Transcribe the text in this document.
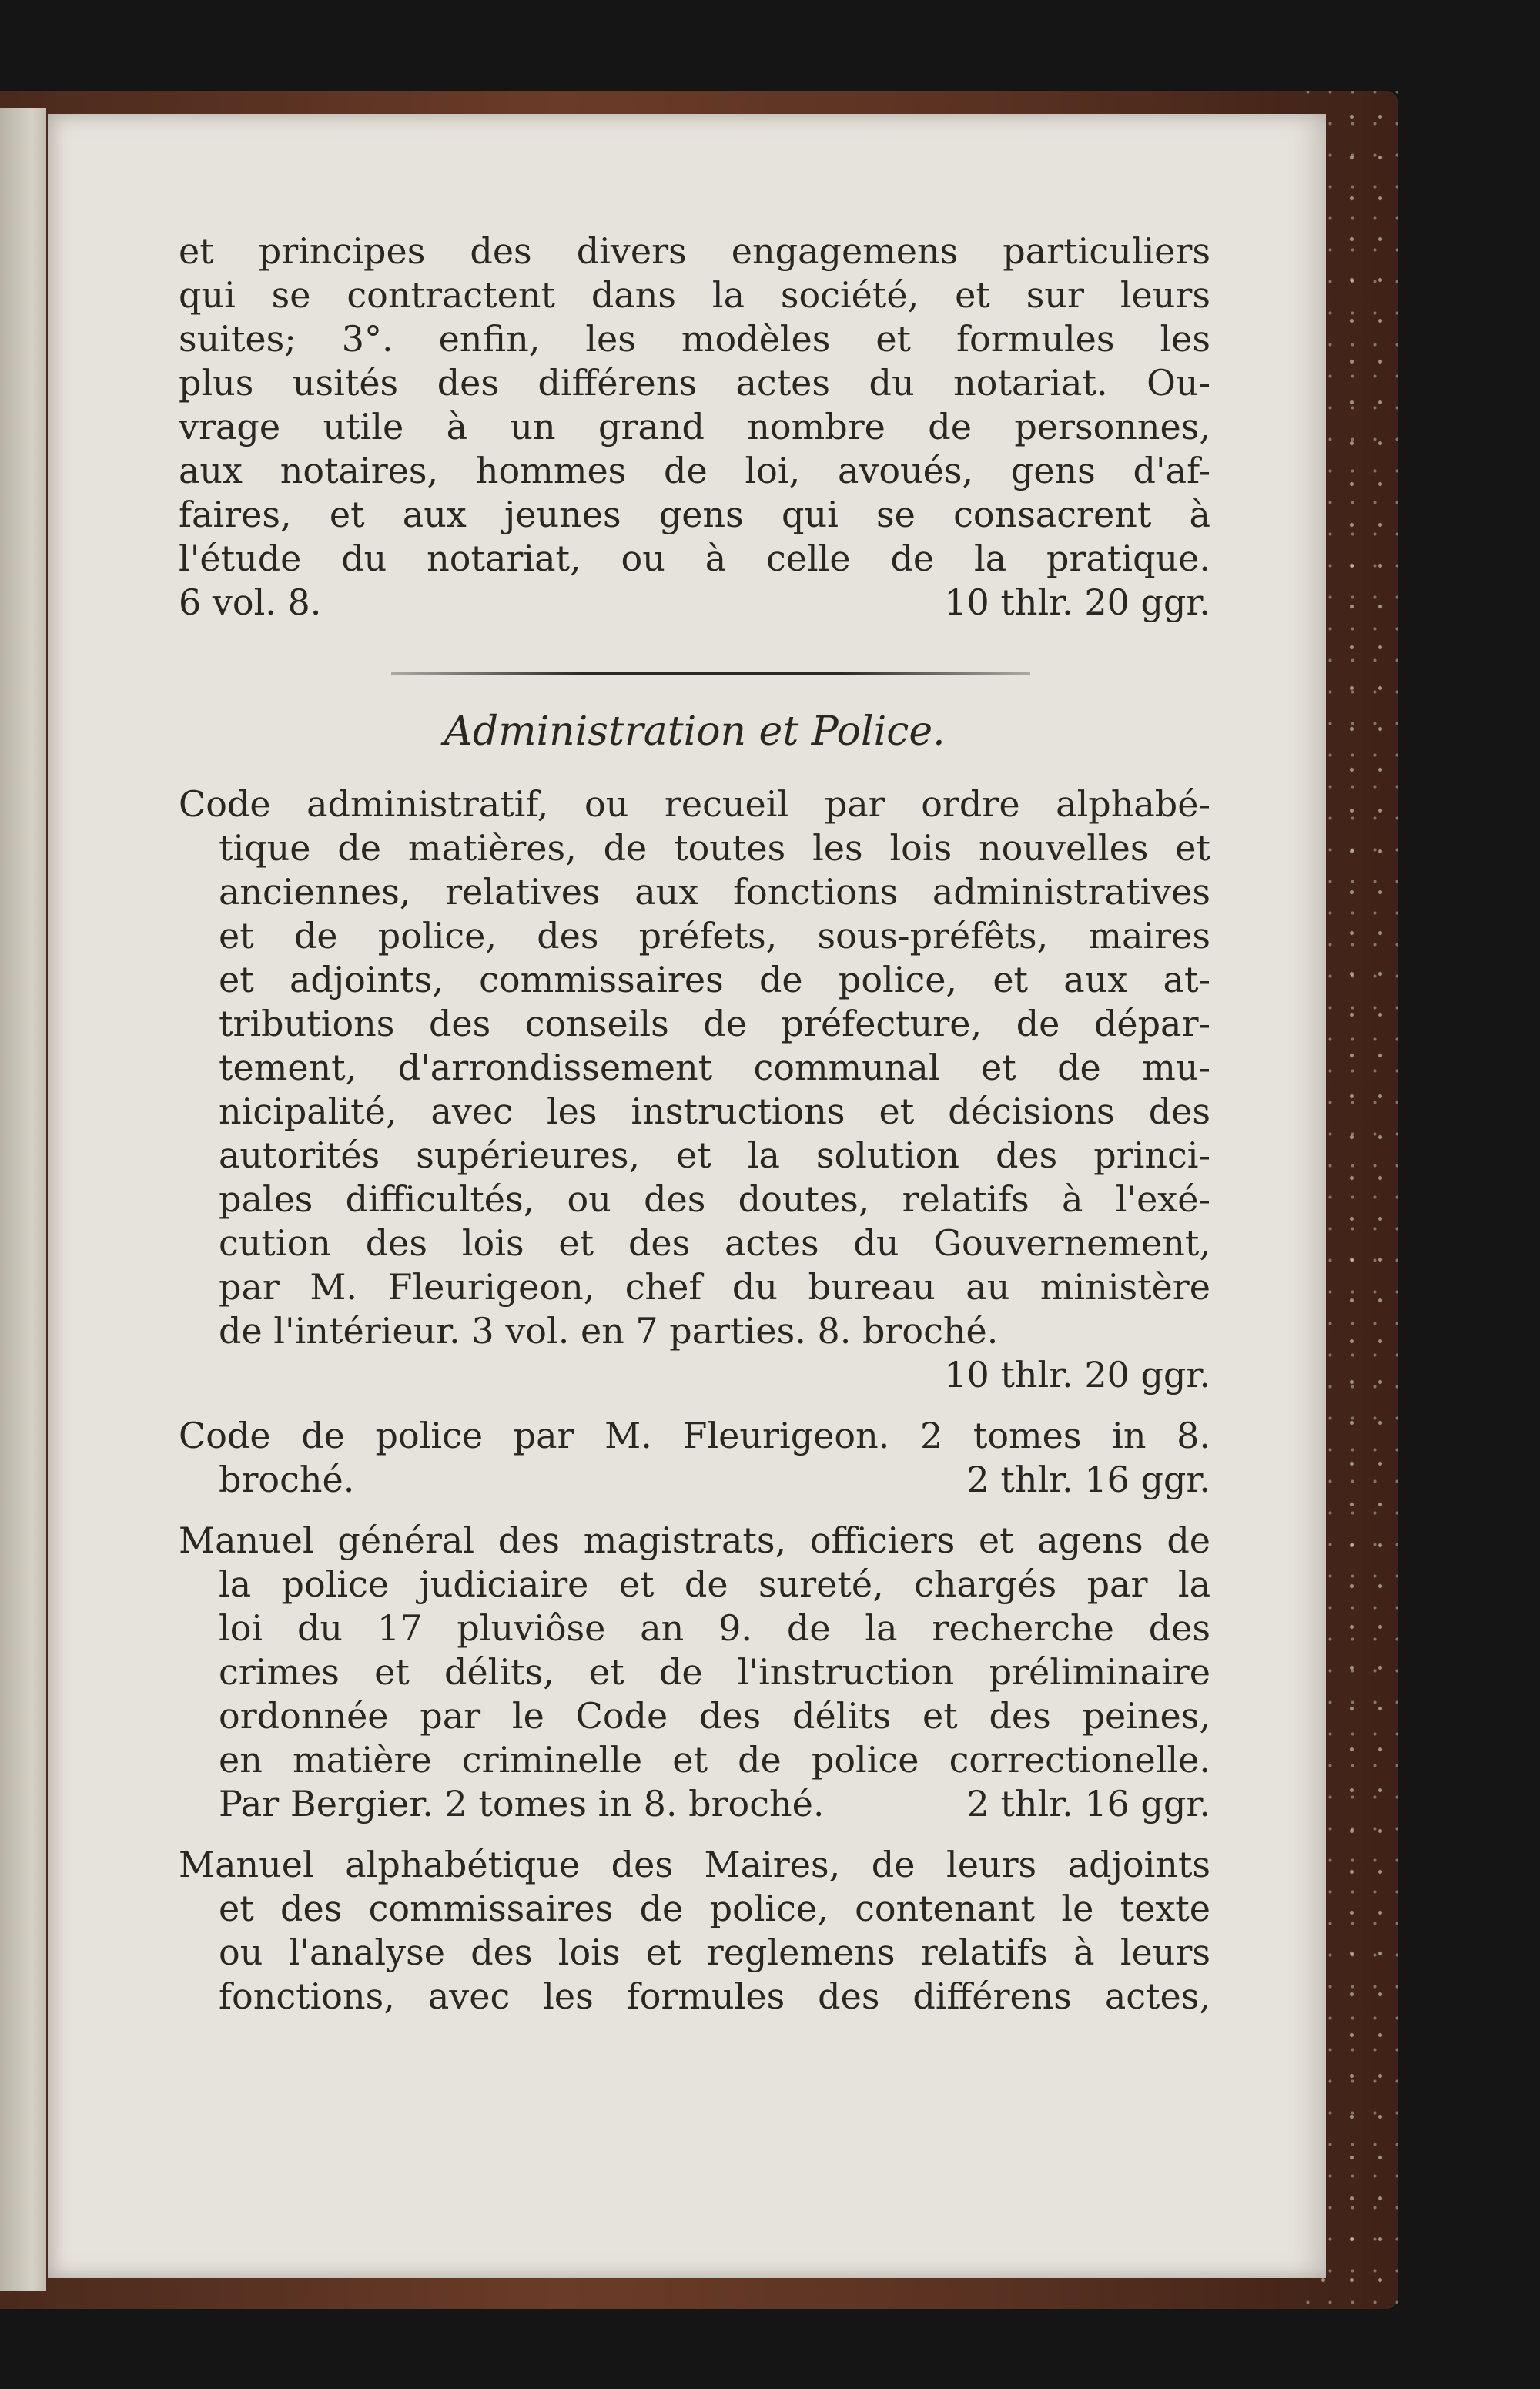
et principes des divers engagemens particuliers
qui se contractent dans la société, et sur leurs
suites; 3°. enfin, les modèles et formules les
plus usités des différens actes du notariat. Ou-
vrage utile à un grand nombre de personnes,
aux notaires, hommes de loi, avoués, gens d'af-
faires, et aux jeunes gens qui se consacrent à
l'étude du notariat, ou à celle de la pratique.
6 vol. 8.	10 thlr. 20 ggr.
Administration et Police.
Code administratif, ou recueil par ordre alphabé-
tique de matières, de toutes les lois nouvelles et
anciennes, relatives aux fonctions administratives
et de police, des préfets, sous-préfêts, maires
et adjoints, commissaires de police, et aux at-
tributions des conseils de préfecture, de dépar-
tement, d'arrondissement communal et de mu-
nicipalité, avec les instructions et décisions des
autorités supérieures, et la solution des princi-
pales difficultés, ou des doutes, relatifs à l'exé-
cution des lois et des actes du Gouvernement,
par M. Fleurigeon, chef du bureau au ministère
de l'intérieur. 3 vol. en 7 parties. 8. broché.
10 thlr. 20 ggr.
Code de police par M. Fleurigeon. 2 tomes in 8.
broché.	2 thlr. 16 ggr.
Manuel général des magistrats, officiers et agens de
la police judiciaire et de sureté, chargés par la
loi du 17 pluviôse an 9. de la recherche des
crimes et délits, et de l'instruction préliminaire
ordonnée par le Code des délits et des peines,
en matière criminelle et de police correctionelle.
Par Bergier. 2 tomes in 8. broché.	2 thlr. 16 ggr.
Manuel alphabétique des Maires, de leurs adjoints
et des commissaires de police, contenant le texte
ou l'analyse des lois et reglemens relatifs à leurs
fonctions, avec les formules des différens actes,
